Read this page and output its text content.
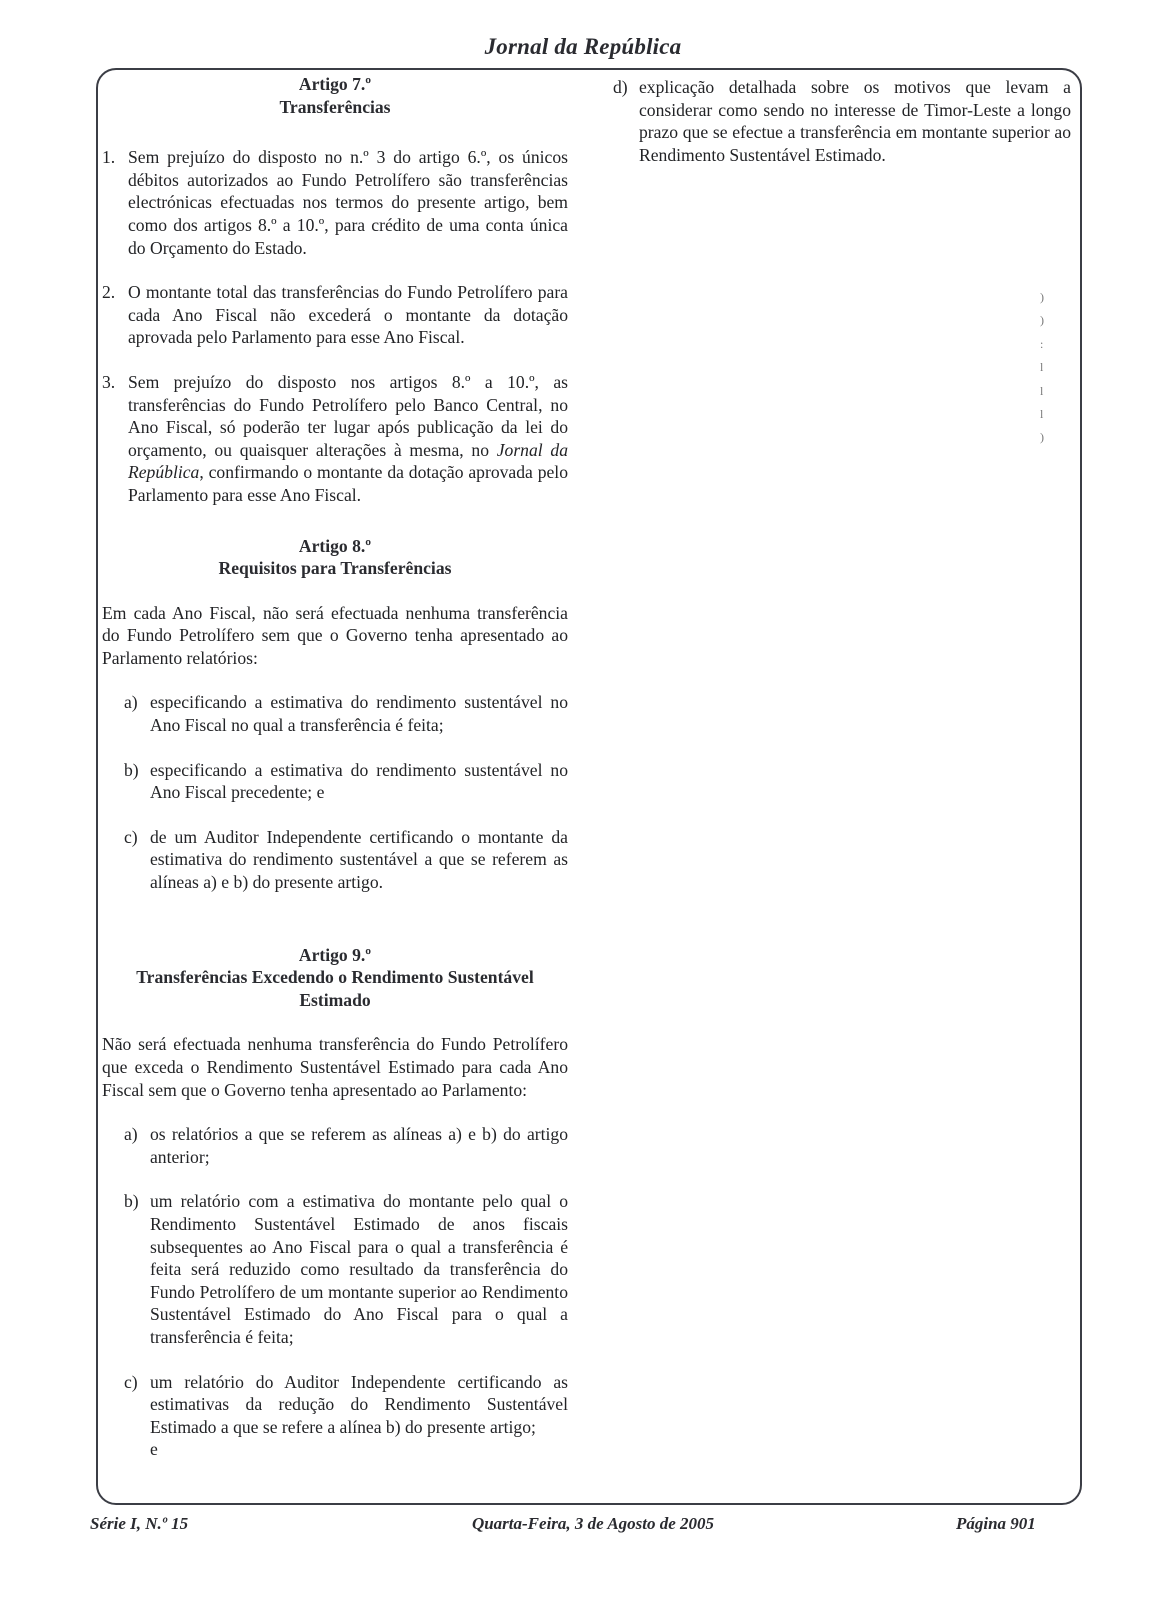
Jornal da República
Artigo 7.º
Transferências
1. Sem prejuízo do disposto no n.º 3 do artigo 6.º, os únicos débitos autorizados ao Fundo Petrolífero são transferências electrónicas efectuadas nos termos do presente artigo, bem como dos artigos 8.º a 10.º, para crédito de uma conta única do Orçamento do Estado.
2. O montante total das transferências do Fundo Petrolífero para cada Ano Fiscal não excederá o montante da dotação aprovada pelo Parlamento para esse Ano Fiscal.
3. Sem prejuízo do disposto nos artigos 8.º a 10.º, as transferências do Fundo Petrolífero pelo Banco Central, no Ano Fiscal, só poderão ter lugar após publicação da lei do orçamento, ou quaisquer alterações à mesma, no Jornal da República, confirmando o montante da dotação aprovada pelo Parlamento para esse Ano Fiscal.
Artigo 8.º
Requisitos para Transferências
Em cada Ano Fiscal, não será efectuada nenhuma transferência do Fundo Petrolífero sem que o Governo tenha apresentado ao Parlamento relatórios:
a) especificando a estimativa do rendimento sustentável no Ano Fiscal no qual a transferência é feita;
b) especificando a estimativa do rendimento sustentável no Ano Fiscal precedente; e
c) de um Auditor Independente certificando o montante da estimativa do rendimento sustentável a que se referem as alíneas a) e b) do presente artigo.
Artigo 9.º
Transferências Excedendo o Rendimento Sustentável Estimado
Não será efectuada nenhuma transferência do Fundo Petrolífero que exceda o Rendimento Sustentável Estimado para cada Ano Fiscal sem que o Governo tenha apresentado ao Parlamento:
a) os relatórios a que se referem as alíneas a) e b) do artigo anterior;
b) um relatório com a estimativa do montante pelo qual o Rendimento Sustentável Estimado de anos fiscais subsequentes ao Ano Fiscal para o qual a transferência é feita será reduzido como resultado da transferência do Fundo Petrolífero de um montante superior ao Rendimento Sustentável Estimado do Ano Fiscal para o qual a transferência é feita;
c) um relatório do Auditor Independente certificando as estimativas da redução do Rendimento Sustentável Estimado a que se refere a alínea b) do presente artigo;
e
d) explicação detalhada sobre os motivos que levam a considerar como sendo no interesse de Timor-Leste a longo prazo que se efectue a transferência em montante superior ao Rendimento Sustentável Estimado.
)
)
:
l
l
l
)
Série I, N.º 15	Quarta-Feira, 3 de Agosto de 2005	Página 901
